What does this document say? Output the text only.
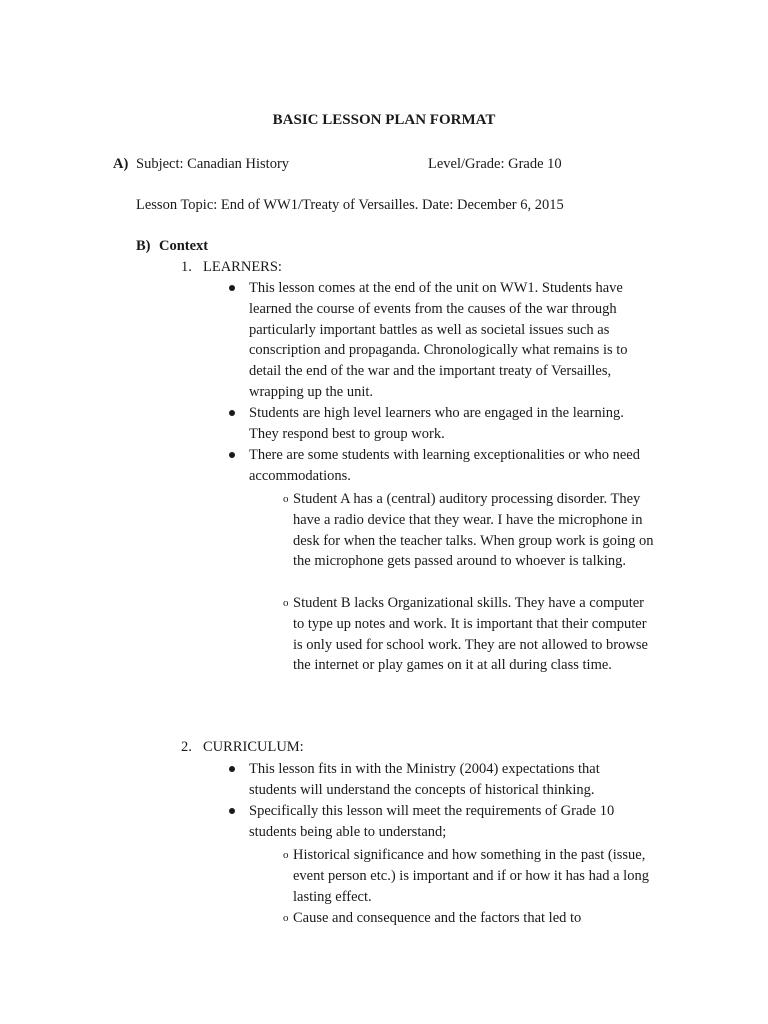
BASIC LESSON PLAN FORMAT
A) Subject: Canadian History	Level/Grade: Grade 10
Lesson Topic: End of WW1/Treaty of Versailles. Date: December 6, 2015
B) Context
1. LEARNERS:
This lesson comes at the end of the unit on WW1. Students have learned the course of events from the causes of the war through particularly important battles as well as societal issues such as conscription and propaganda. Chronologically what remains is to detail the end of the war and the important treaty of Versailles, wrapping up the unit.
Students are high level learners who are engaged in the learning. They respond best to group work.
There are some students with learning exceptionalities or who need accommodations.
o Student A has a (central) auditory processing disorder. They have a radio device that they wear. I have the microphone in desk for when the teacher talks. When group work is going on the microphone gets passed around to whoever is talking.
o Student B lacks Organizational skills. They have a computer to type up notes and work. It is important that their computer is only used for school work. They are not allowed to browse the internet or play games on it at all during class time.
2. CURRICULUM:
This lesson fits in with the Ministry (2004) expectations that students will understand the concepts of historical thinking.
Specifically this lesson will meet the requirements of Grade 10 students being able to understand;
o Historical significance and how something in the past (issue, event person etc.) is important and if or how it has had a long lasting effect.
o Cause and consequence and the factors that led to
